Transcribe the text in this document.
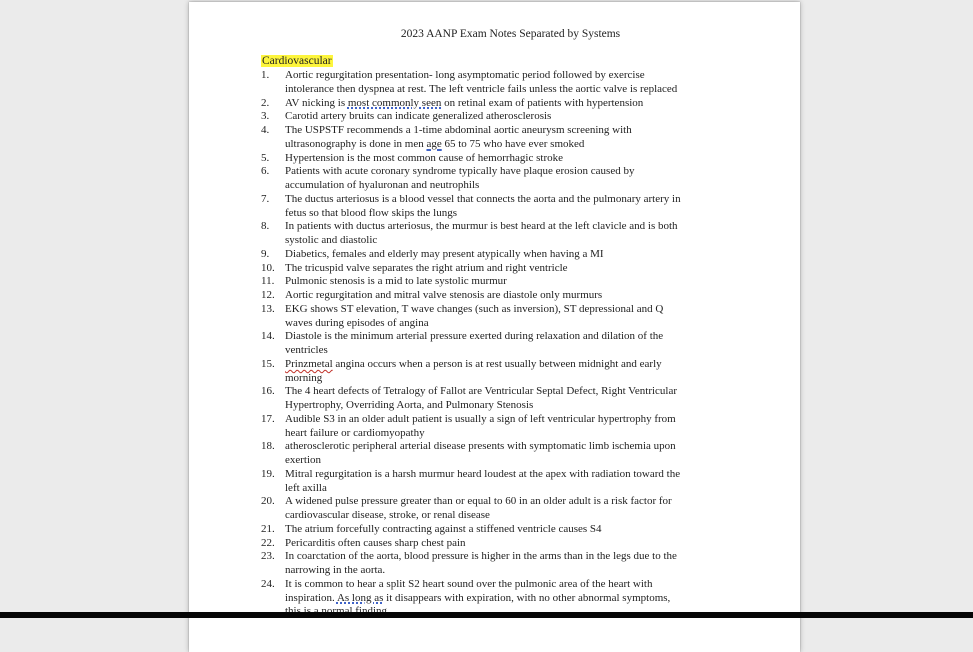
2023 AANP Exam Notes Separated by Systems
Cardiovascular
1.	Aortic regurgitation presentation- long asymptomatic period followed by exercise
intolerance then dyspnea at rest. The left ventricle fails unless the aortic valve is replaced
2.	AV nicking is most commonly seen on retinal exam of patients with hypertension
3.	Carotid artery bruits can indicate generalized atherosclerosis
4.	The USPSTF recommends a 1-time abdominal aortic aneurysm screening with
ultrasonography is done in men age 65 to 75 who have ever smoked
5.	Hypertension is the most common cause of hemorrhagic stroke
6.	Patients with acute coronary syndrome typically have plaque erosion caused by
accumulation of hyaluronan and neutrophils
7.	The ductus arteriosus is a blood vessel that connects the aorta and the pulmonary artery in
fetus so that blood flow skips the lungs
8.	In patients with ductus arteriosus, the murmur is best heard at the left clavicle and is both
systolic and diastolic
9.	Diabetics, females and elderly may present atypically when having a MI
10. The tricuspid valve separates the right atrium and right ventricle
11. Pulmonic stenosis is a mid to late systolic murmur
12. Aortic regurgitation and mitral valve stenosis are diastole only murmurs
13. EKG shows ST elevation, T wave changes (such as inversion), ST depressional and Q
waves during episodes of angina
14. Diastole is the minimum arterial pressure exerted during relaxation and dilation of the
ventricles
15. Prinzmetal angina occurs when a person is at rest usually between midnight and early
morning
16. The 4 heart defects of Tetralogy of Fallot are Ventricular Septal Defect, Right Ventricular
Hypertrophy, Overriding Aorta, and Pulmonary Stenosis
17. Audible S3 in an older adult patient is usually a sign of left ventricular hypertrophy from
heart failure or cardiomyopathy
18. atherosclerotic peripheral arterial disease presents with symptomatic limb ischemia upon
exertion
19. Mitral regurgitation is a harsh murmur heard loudest at the apex with radiation toward the
left axilla
20. A widened pulse pressure greater than or equal to 60 in an older adult is a risk factor for
cardiovascular disease, stroke, or renal disease
21. The atrium forcefully contracting against a stiffened ventricle causes S4
22. Pericarditis often causes sharp chest pain
23. In coarctation of the aorta, blood pressure is higher in the arms than in the legs due to the
narrowing in the aorta.
24. It is common to hear a split S2 heart sound over the pulmonic area of the heart with
inspiration. As long as it disappears with expiration, with no other abnormal symptoms,
